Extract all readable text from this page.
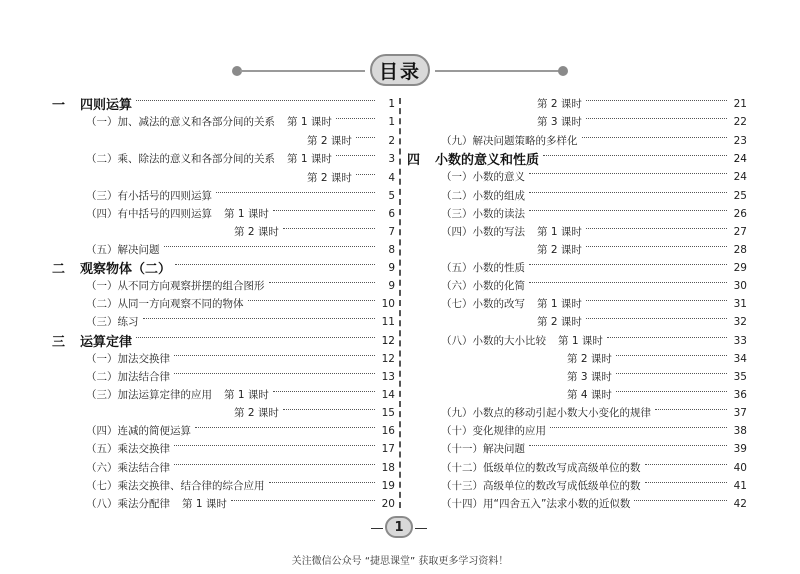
目录
一	四则运算	1
（一）加、减法的意义和各部分间的关系 第 1 课时	1
第 2 课时	2
（二）乘、除法的意义和各部分间的关系 第 1 课时	3
第 2 课时	4
（三）有小括号的四则运算	5
（四）有中括号的四则运算 第 1 课时	6
第 2 课时	7
（五）解决问题	8
二	观察物体（二）	9
（一）从不同方向观察拼摆的组合图形	9
（二）从同一方向观察不同的物体	10
（三）练习	11
三	运算定律	12
（一）加法交换律	12
（二）加法结合律	13
（三）加法运算定律的应用 第 1 课时	14
第 2 课时	15
（四）连减的简便运算	16
（五）乘法交换律	17
（六）乘法结合律	18
（七）乘法交换律、结合律的综合应用	19
（八）乘法分配律 第 1 课时	20
第 2 课时	21
第 3 课时	22
（九）解决问题策略的多样化	23
四	小数的意义和性质	24
（一）小数的意义	24
（二）小数的组成	25
（三）小数的读法	26
（四）小数的写法 第 1 课时	27
第 2 课时	28
（五）小数的性质	29
（六）小数的化简	30
（七）小数的改写 第 1 课时	31
第 2 课时	32
（八）小数的大小比较 第 1 课时	33
第 2 课时	34
第 3 课时	35
第 4 课时	36
（九）小数点的移动引起小数大小变化的规律	37
（十）变化规律的应用	38
（十一）解决问题	39
（十二）低级单位的数改写成高级单位的数	40
（十三）高级单位的数改写成低级单位的数	41
（十四）用“四舍五入”法求小数的近似数	42
1
关注微信公众号 “捷思课堂” 获取更多学习资料！
